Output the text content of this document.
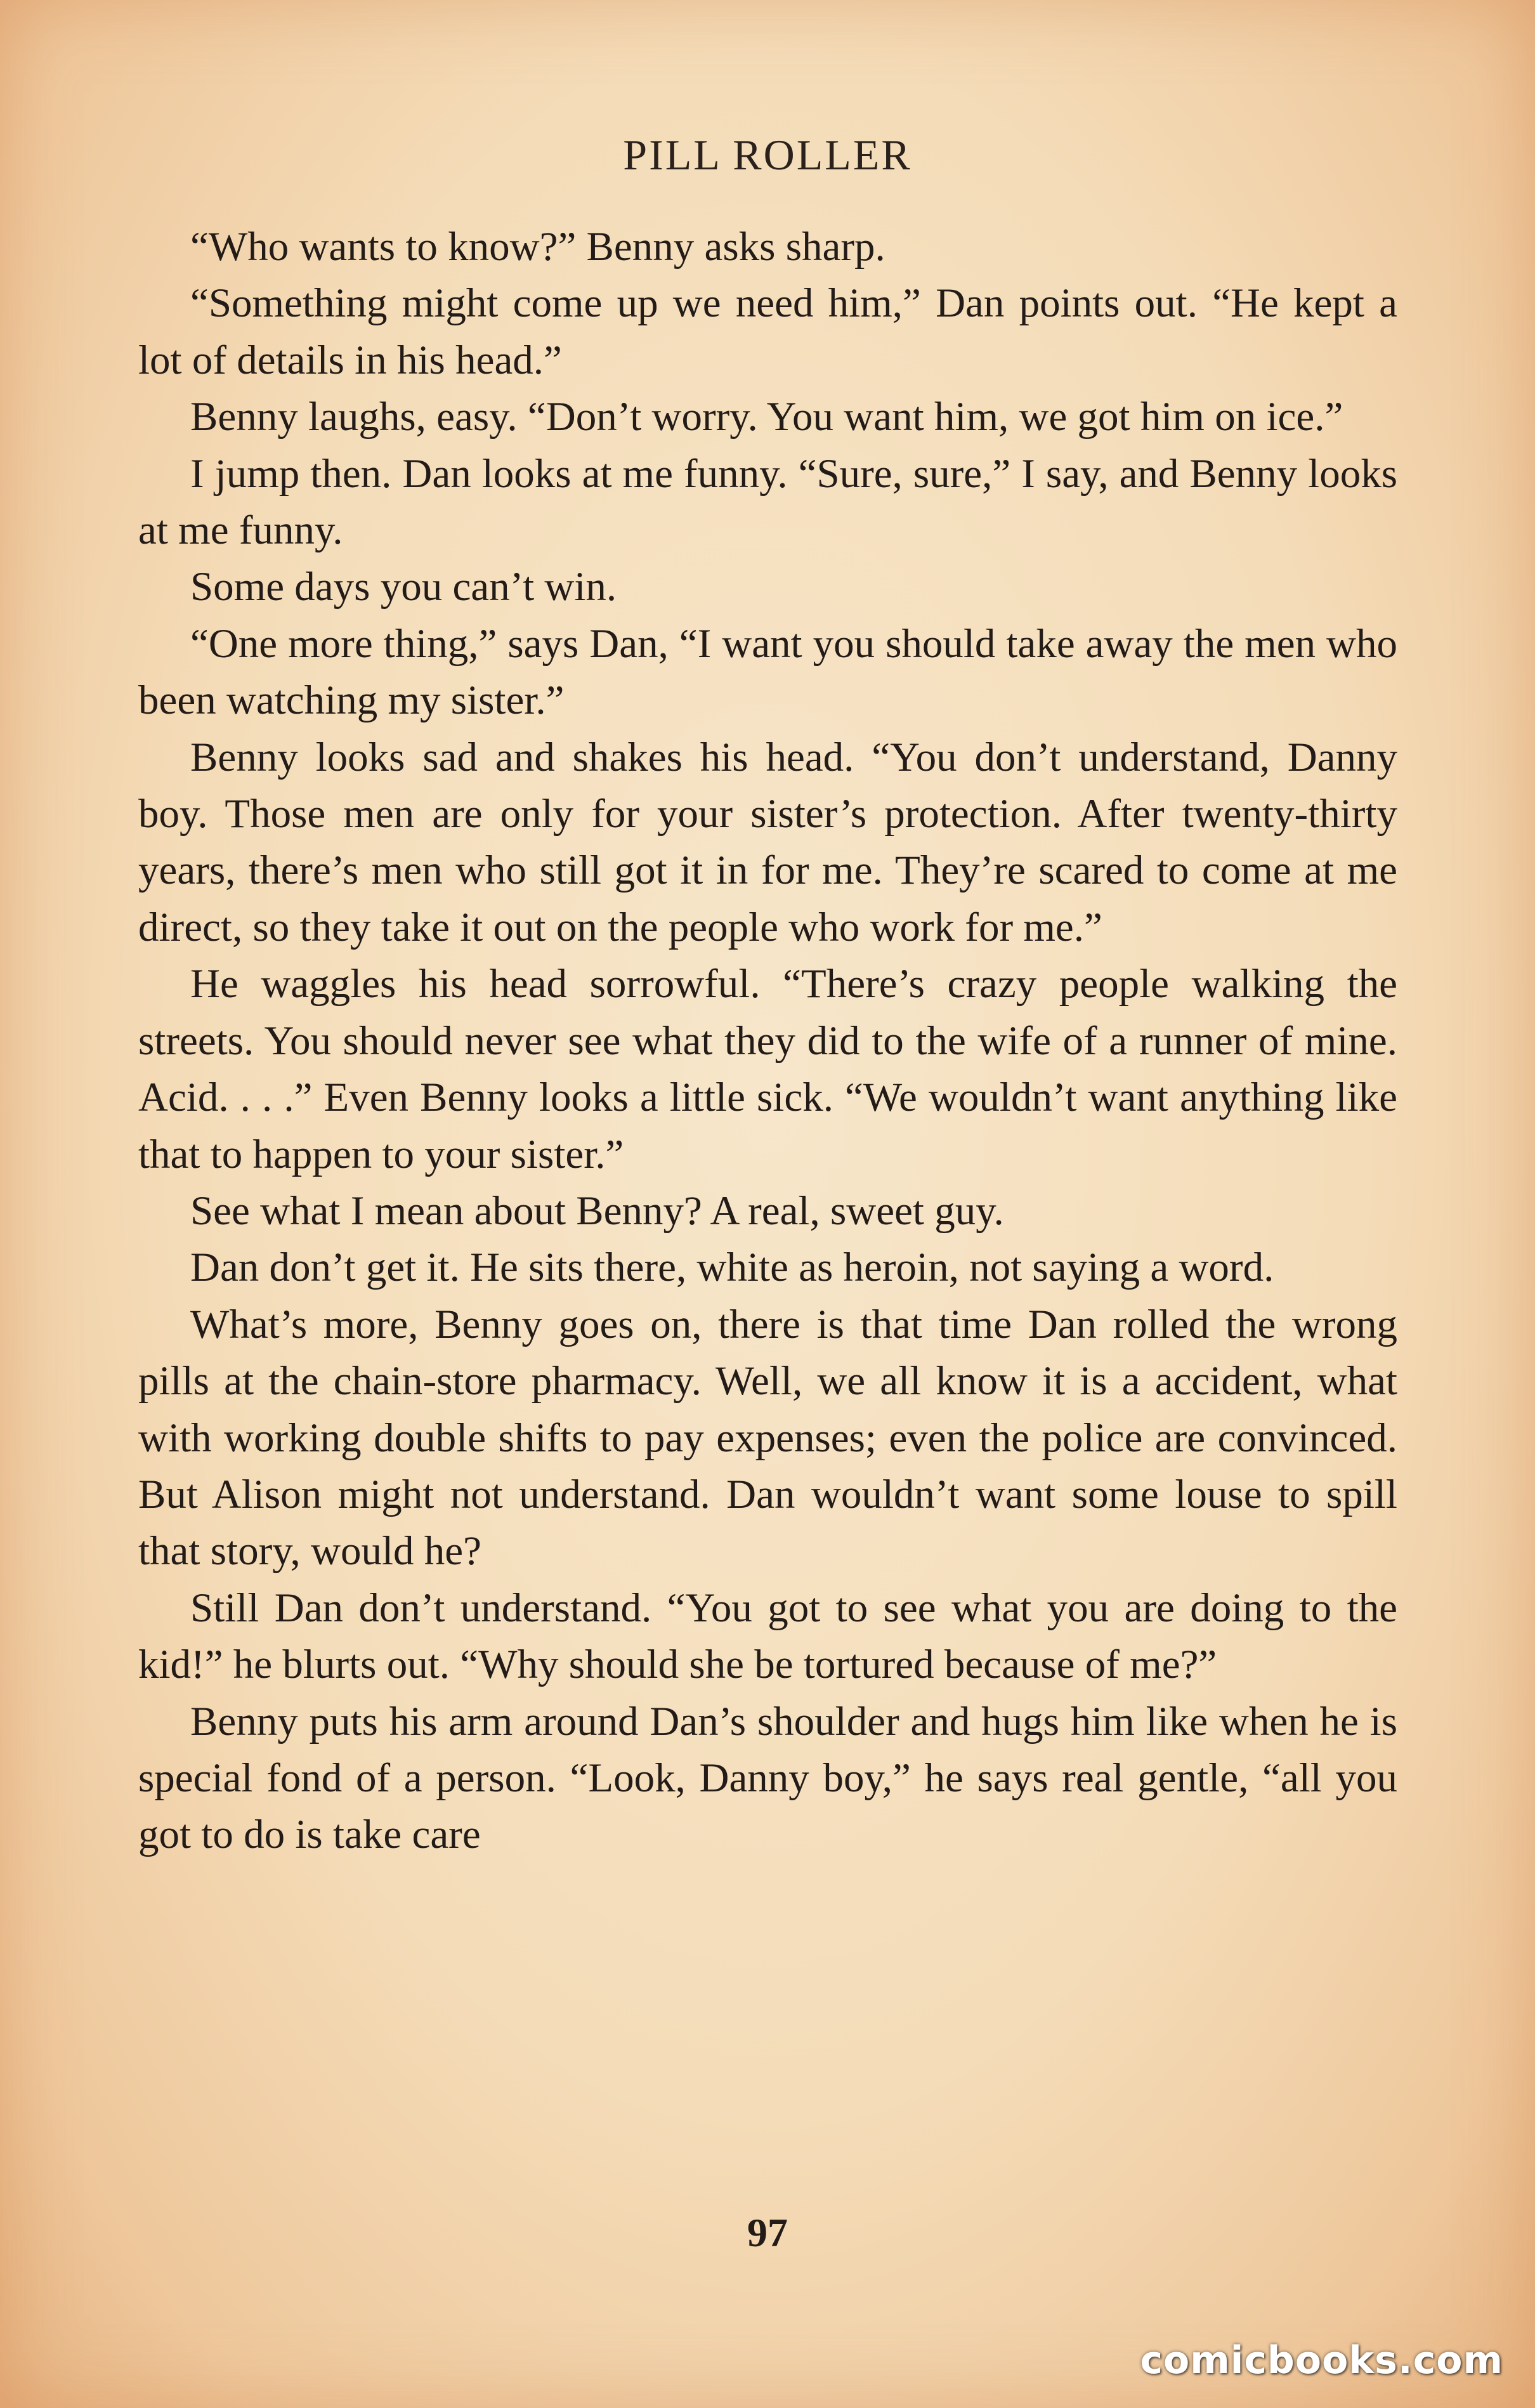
PILL ROLLER

“Who wants to know?” Benny asks sharp.

“Something might come up we need him,” Dan points out. “He kept a lot of details in his head.”

Benny laughs, easy. “Don’t worry. You want him, we got him on ice.”

I jump then. Dan looks at me funny. “Sure, sure,” I say, and Benny looks at me funny.

Some days you can’t win.

“One more thing,” says Dan, “I want you should take away the men who been watching my sister.”

Benny looks sad and shakes his head. “You don’t understand, Danny boy. Those men are only for your sister’s protection. After twenty-thirty years, there’s men who still got it in for me. They’re scared to come at me direct, so they take it out on the people who work for me.”

He waggles his head sorrowful. “There’s crazy people walking the streets. You should never see what they did to the wife of a runner of mine. Acid. . . .” Even Benny looks a little sick. “We wouldn’t want anything like that to happen to your sister.”

See what I mean about Benny? A real, sweet guy.

Dan don’t get it. He sits there, white as heroin, not saying a word.

What’s more, Benny goes on, there is that time Dan rolled the wrong pills at the chain-store pharmacy. Well, we all know it is a accident, what with working double shifts to pay expenses; even the police are convinced. But Alison might not understand. Dan wouldn’t want some louse to spill that story, would he?

Still Dan don’t understand. “You got to see what you are doing to the kid!” he blurts out. “Why should she be tortured because of me?”

Benny puts his arm around Dan’s shoulder and hugs him like when he is special fond of a person. “Look, Danny boy,” he says real gentle, “all you got to do is take care

97
comicbooks.com
